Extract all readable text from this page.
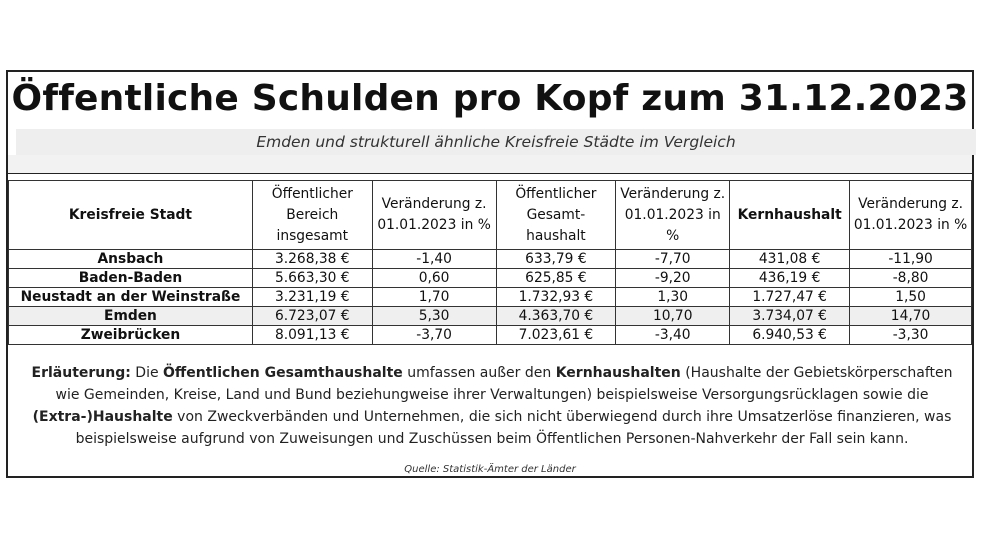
Öffentliche Schulden pro Kopf zum 31.12.2023
Emden und strukturell ähnliche Kreisfreie Städte im Vergleich
Kreisfreie Stadt	Öffentlicher Bereich insgesamt	Veränderung z. 01.01.2023 in %	Öffentlicher Gesamt-haushalt	Veränderung z. 01.01.2023 in %	Kernhaushalt	Veränderung z. 01.01.2023 in %
Ansbach	3.268,38 €	-1,40	633,79 €	-7,70	431,08 €	-11,90
Baden-Baden	5.663,30 €	0,60	625,85 €	-9,20	436,19 €	-8,80
Neustadt an der Weinstraße	3.231,19 €	1,70	1.732,93 €	1,30	1.727,47 €	1,50
Emden	6.723,07 €	5,30	4.363,70 €	10,70	3.734,07 €	14,70
Zweibrücken	8.091,13 €	-3,70	7.023,61 €	-3,40	6.940,53 €	-3,30
Erläuterung: Die Öffentlichen Gesamthaushalte umfassen außer den Kernhaushalten (Haushalte der Gebietskörperschaften wie Gemeinden, Kreise, Land und Bund beziehungweise ihrer Verwaltungen) beispielsweise Versorgungsrücklagen sowie die (Extra-)Haushalte von Zweckverbänden und Unternehmen, die sich nicht überwiegend durch ihre Umsatzerlöse finanzieren, was beispielsweise aufgrund von Zuweisungen und Zuschüssen beim Öffentlichen Personen-Nahverkehr der Fall sein kann.
Quelle: Statistik-Ämter der Länder
